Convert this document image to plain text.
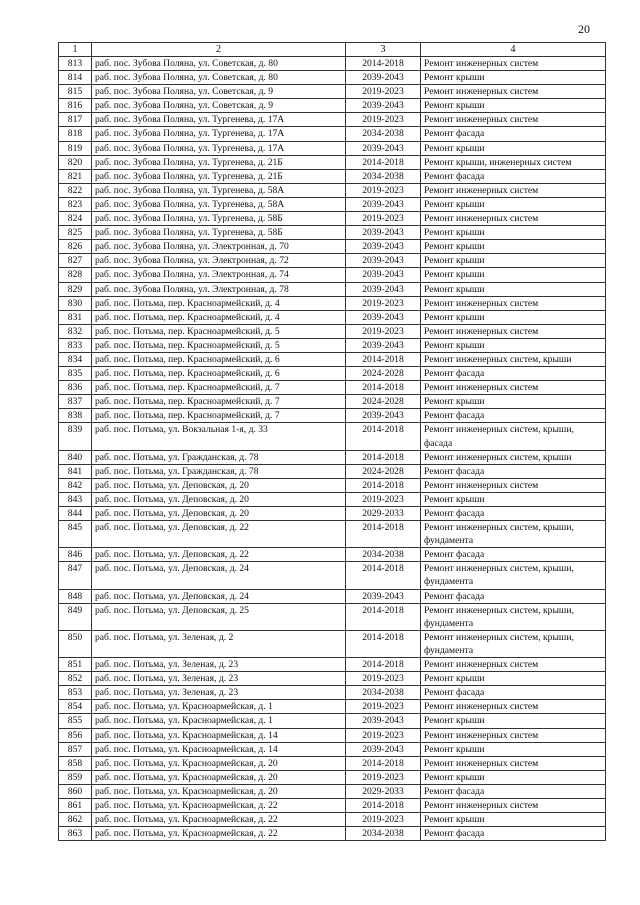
20
1	2	3	4
813	раб. пос. Зубова Поляна, ул. Советская, д. 80	2014-2018	Ремонт инженерных систем
814	раб. пос. Зубова Поляна, ул. Советская, д. 80	2039-2043	Ремонт крыши
815	раб. пос. Зубова Поляна, ул. Советская, д. 9	2019-2023	Ремонт инженерных систем
816	раб. пос. Зубова Поляна, ул. Советская, д. 9	2039-2043	Ремонт крыши
817	раб. пос. Зубова Поляна, ул. Тургенева, д. 17А	2019-2023	Ремонт инженерных систем
818	раб. пос. Зубова Поляна, ул. Тургенева, д. 17А	2034-2038	Ремонт фасада
819	раб. пос. Зубова Поляна, ул. Тургенева, д. 17А	2039-2043	Ремонт крыши
820	раб. пос. Зубова Поляна, ул. Тургенева, д. 21Б	2014-2018	Ремонт крыши, инженерных систем
821	раб. пос. Зубова Поляна, ул. Тургенева, д. 21Б	2034-2038	Ремонт фасада
822	раб. пос. Зубова Поляна, ул. Тургенева, д. 58А	2019-2023	Ремонт инженерных систем
823	раб. пос. Зубова Поляна, ул. Тургенева, д. 58А	2039-2043	Ремонт крыши
824	раб. пос. Зубова Поляна, ул. Тургенева, д. 58Б	2019-2023	Ремонт инженерных систем
825	раб. пос. Зубова Поляна, ул. Тургенева, д. 58Б	2039-2043	Ремонт крыши
826	раб. пос. Зубова Поляна, ул. Электронная, д. 70	2039-2043	Ремонт крыши
827	раб. пос. Зубова Поляна, ул. Электронная, д. 72	2039-2043	Ремонт крыши
828	раб. пос. Зубова Поляна, ул. Электронная, д. 74	2039-2043	Ремонт крыши
829	раб. пос. Зубова Поляна, ул. Электронная, д. 78	2039-2043	Ремонт крыши
830	раб. пос. Потьма, пер. Красноармейский, д. 4	2019-2023	Ремонт инженерных систем
831	раб. пос. Потьма, пер. Красноармейский, д. 4	2039-2043	Ремонт крыши
832	раб. пос. Потьма, пер. Красноармейский, д. 5	2019-2023	Ремонт инженерных систем
833	раб. пос. Потьма, пер. Красноармейский, д. 5	2039-2043	Ремонт крыши
834	раб. пос. Потьма, пер. Красноармейский, д. 6	2014-2018	Ремонт инженерных систем, крыши
835	раб. пос. Потьма, пер. Красноармейский, д. 6	2024-2028	Ремонт фасада
836	раб. пос. Потьма, пер. Красноармейский, д. 7	2014-2018	Ремонт инженерных систем
837	раб. пос. Потьма, пер. Красноармейский, д. 7	2024-2028	Ремонт крыши
838	раб. пос. Потьма, пер. Красноармейский, д. 7	2039-2043	Ремонт фасада
839	раб. пос. Потьма, ул. Вокзальная 1-я, д. 33	2014-2018	Ремонт инженерных систем, крыши, фасада
840	раб. пос. Потьма, ул. Гражданская, д. 78	2014-2018	Ремонт инженерных систем, крыши
841	раб. пос. Потьма, ул. Гражданская, д. 78	2024-2028	Ремонт фасада
842	раб. пос. Потьма, ул. Деповская, д. 20	2014-2018	Ремонт инженерных систем
843	раб. пос. Потьма, ул. Деповская, д. 20	2019-2023	Ремонт крыши
844	раб. пос. Потьма, ул. Деповская, д. 20	2029-2033	Ремонт фасада
845	раб. пос. Потьма, ул. Деповская, д. 22	2014-2018	Ремонт инженерных систем, крыши, фундамента
846	раб. пос. Потьма, ул. Деповская, д. 22	2034-2038	Ремонт фасада
847	раб. пос. Потьма, ул. Деповская, д. 24	2014-2018	Ремонт инженерных систем, крыши, фундамента
848	раб. пос. Потьма, ул. Деповская, д. 24	2039-2043	Ремонт фасада
849	раб. пос. Потьма, ул. Деповская, д. 25	2014-2018	Ремонт инженерных систем, крыши, фундамента
850	раб. пос. Потьма, ул. Зеленая, д. 2	2014-2018	Ремонт инженерных систем, крыши, фундамента
851	раб. пос. Потьма, ул. Зеленая, д. 23	2014-2018	Ремонт инженерных систем
852	раб. пос. Потьма, ул. Зеленая, д. 23	2019-2023	Ремонт крыши
853	раб. пос. Потьма, ул. Зеленая, д. 23	2034-2038	Ремонт фасада
854	раб. пос. Потьма, ул. Красноармейская, д. 1	2019-2023	Ремонт инженерных систем
855	раб. пос. Потьма, ул. Красноармейская, д. 1	2039-2043	Ремонт крыши
856	раб. пос. Потьма, ул. Красноармейская, д. 14	2019-2023	Ремонт инженерных систем
857	раб. пос. Потьма, ул. Красноармейская, д. 14	2039-2043	Ремонт крыши
858	раб. пос. Потьма, ул. Красноармейская, д. 20	2014-2018	Ремонт инженерных систем
859	раб. пос. Потьма, ул. Красноармейская, д. 20	2019-2023	Ремонт крыши
860	раб. пос. Потьма, ул. Красноармейская, д. 20	2029-2033	Ремонт фасада
861	раб. пос. Потьма, ул. Красноармейская, д. 22	2014-2018	Ремонт инженерных систем
862	раб. пос. Потьма, ул. Красноармейская, д. 22	2019-2023	Ремонт крыши
863	раб. пос. Потьма, ул. Красноармейская, д. 22	2034-2038	Ремонт фасада
